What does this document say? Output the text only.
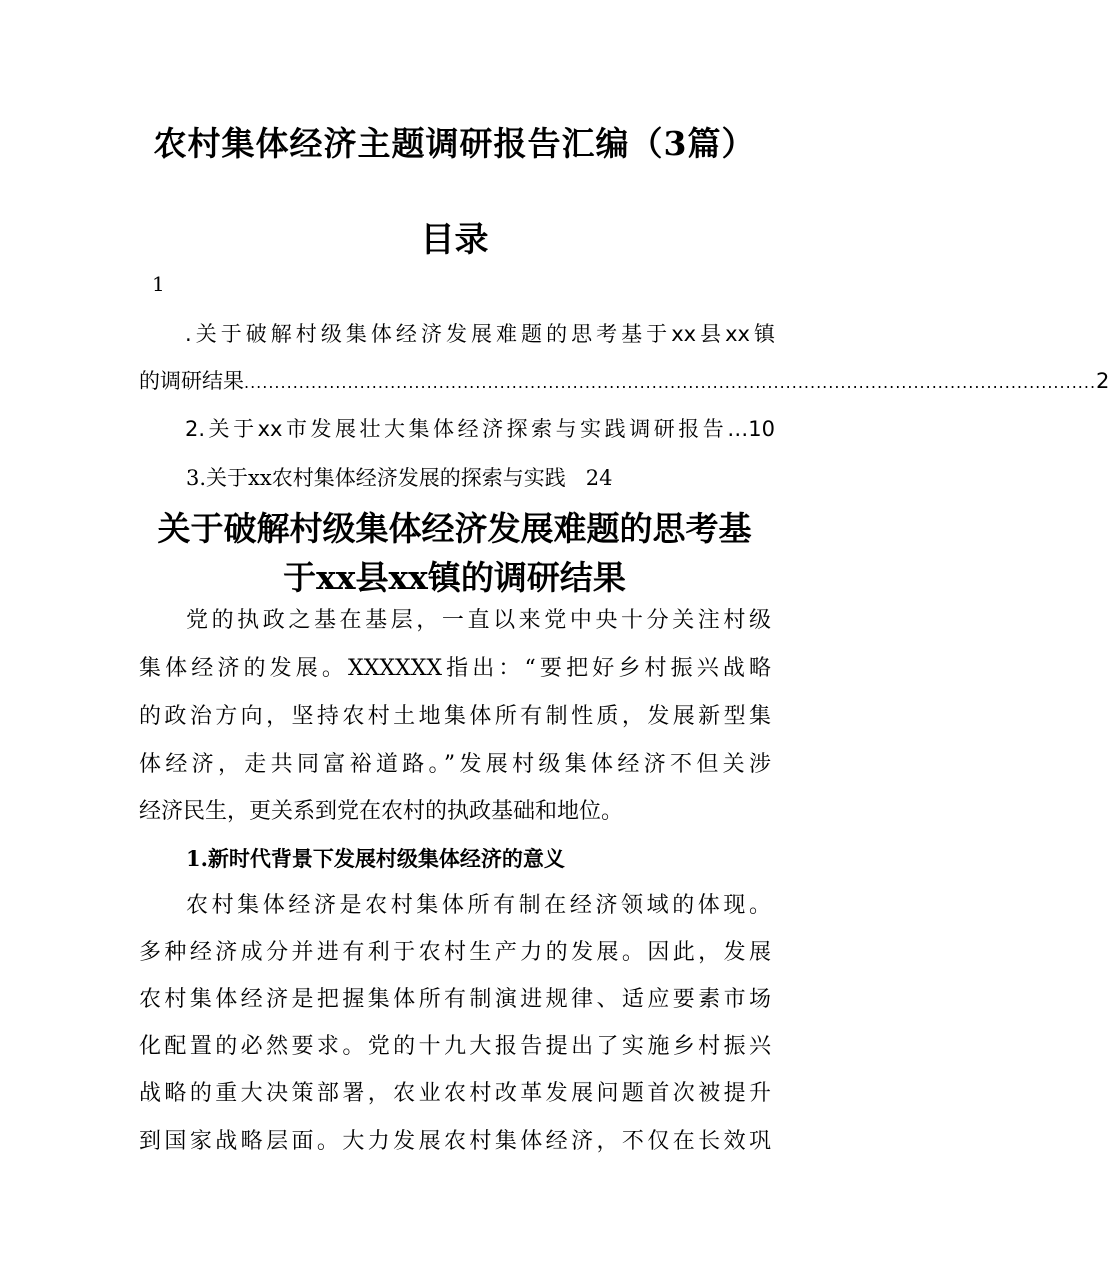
农村集体经济主题调研报告汇编（3篇）
目录
1
.关于破解村级集体经济发展难题的思考基于xx县xx镇
的调研结果 ............................................................................................................................................ 2
2.关于xx市发展壮大集体经济探索与实践调研报告…10
3.关于xx农村集体经济发展的探索与实践 24
关于破解村级集体经济发展难题的思考基
于xx县xx镇的调研结果
党的执政之基在基层，一直以来党中央十分关注村级
集体经济的发展。XXXXXX指出：“要把好乡村振兴战略
的政治方向，坚持农村土地集体所有制性质，发展新型集
体经济，走共同富裕道路。”发展村级集体经济不但关涉
经济民生，更关系到党在农村的执政基础和地位。
1.新时代背景下发展村级集体经济的意义
农村集体经济是农村集体所有制在经济领域的体现。
多种经济成分并进有利于农村生产力的发展。因此，发展
农村集体经济是把握集体所有制演进规律、适应要素市场
化配置的必然要求。党的十九大报告提出了实施乡村振兴
战略的重大决策部署，农业农村改革发展问题首次被提升
到国家战略层面。大力发展农村集体经济，不仅在长效巩
